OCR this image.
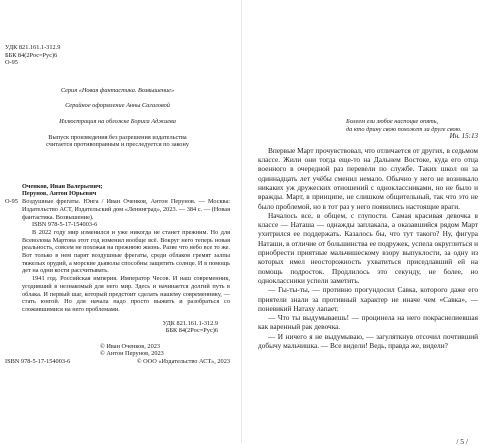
УДК 821.161.1-312.9

ББК 84(2Рос=Рус)6

О-95

Серия «Новая фантастика. Возвышение»

Серийное оформление Анны Сагаловой

Иллюстрация на обложке Бориса Аджиева

Выпуск произведения без разрешения издательства

считается противоправным и преследуется по закону

Оченков, Иван Валерьевич;

Перунов, Антон Юрьевич

О-95 Воздушные фрегаты. Юнга / Иван Оченков, Антон Перунов. — Москва: Издательство АСТ, Издательский дом «Ленинград», 2023. — 384 с. — (Новая фантастика. Возвышение).

ISBN 978-5-17-154003-6

В 2022 году мир изменился и уже никогда не станет прежним. Но для Всеволома Мартова этот год изменил вообще всё. Вокруг него теперь новая реальность, совсем не похожая на прежнюю жизнь. Разве что небо все то же. Вот только в нем парят воздушные фрегаты, среди облаков гремят залпы тяжелых орудий, а морские дьяволы способны защитить солнце. И в помощь дет на одни кости рассчитывать.

1941 год. Российская империя. Император Чесов. И наш современник, угодивший в незнакомый для него мир. Здесь и начинается долгий путь в облака. И первый шаг, который предстоит сделать нашему современнику, — стать юнгой. Но для начала надо просто выжить и разобраться со сложившимися на него проблемами.

УДК 821.161.1-312.9

ББК 84(2Рос=Рус)6

© Иван Оченков, 2023

© Антон Перунов, 2023

ISBN 978-5-17-154003-6	© ООО «Издательство АСТ», 2023

Болеем ези любое наспоцке опять,

да кто дрину свою похожет за друге свою.

Ин. 15:13

Впервые Март прочувствовал, что отличается от других, в седьмом классе. Жили они тогда еще-то на Дальнем Востоке, куда его отца военного в очередной раз перевели по службе. Таких школ он за одиннадцать лет учёбы сменил немало. Обычно у него не возникало никаких уж дружеских отношений с одноклассниками, но не было и вражды. Март, в принципе, не слишком общительный, так что это не было проблемой, но в тот раз у него появились настоящие враги.

Началось все, в общем, с глупости. Самая красивая девочка в классе — Наташа — однажды заплакала, а оказавшийся рядом Март ухитрился ее поддержать. Казалось бы, что тут такого? Ну, фигура Наташи, в отличие от большинства ее подружек, успела округлиться и приобрести приятные мальчишескому взору выпуклости, за одну из которых имел неосторожность ухватиться приседлавший ей на помощь подросток. Продлилось это секунду, не более, но одноклассники успели заметить.

— Гы-ты-ты, — противно прогундосил Савка, которого даже его приятели знали за противный характер не иначе чем «Савка», — поневикий Натаху лапает.

— Что ты выдумываешь! — процинела на него покраснелиевшая как варенный рак девочка.

— И ничего я не выдумываю, — загуляткнув отсочил почтивший добычу мальчишка. — Все видели! Ведь, правда же, видели?

/ 5 /
